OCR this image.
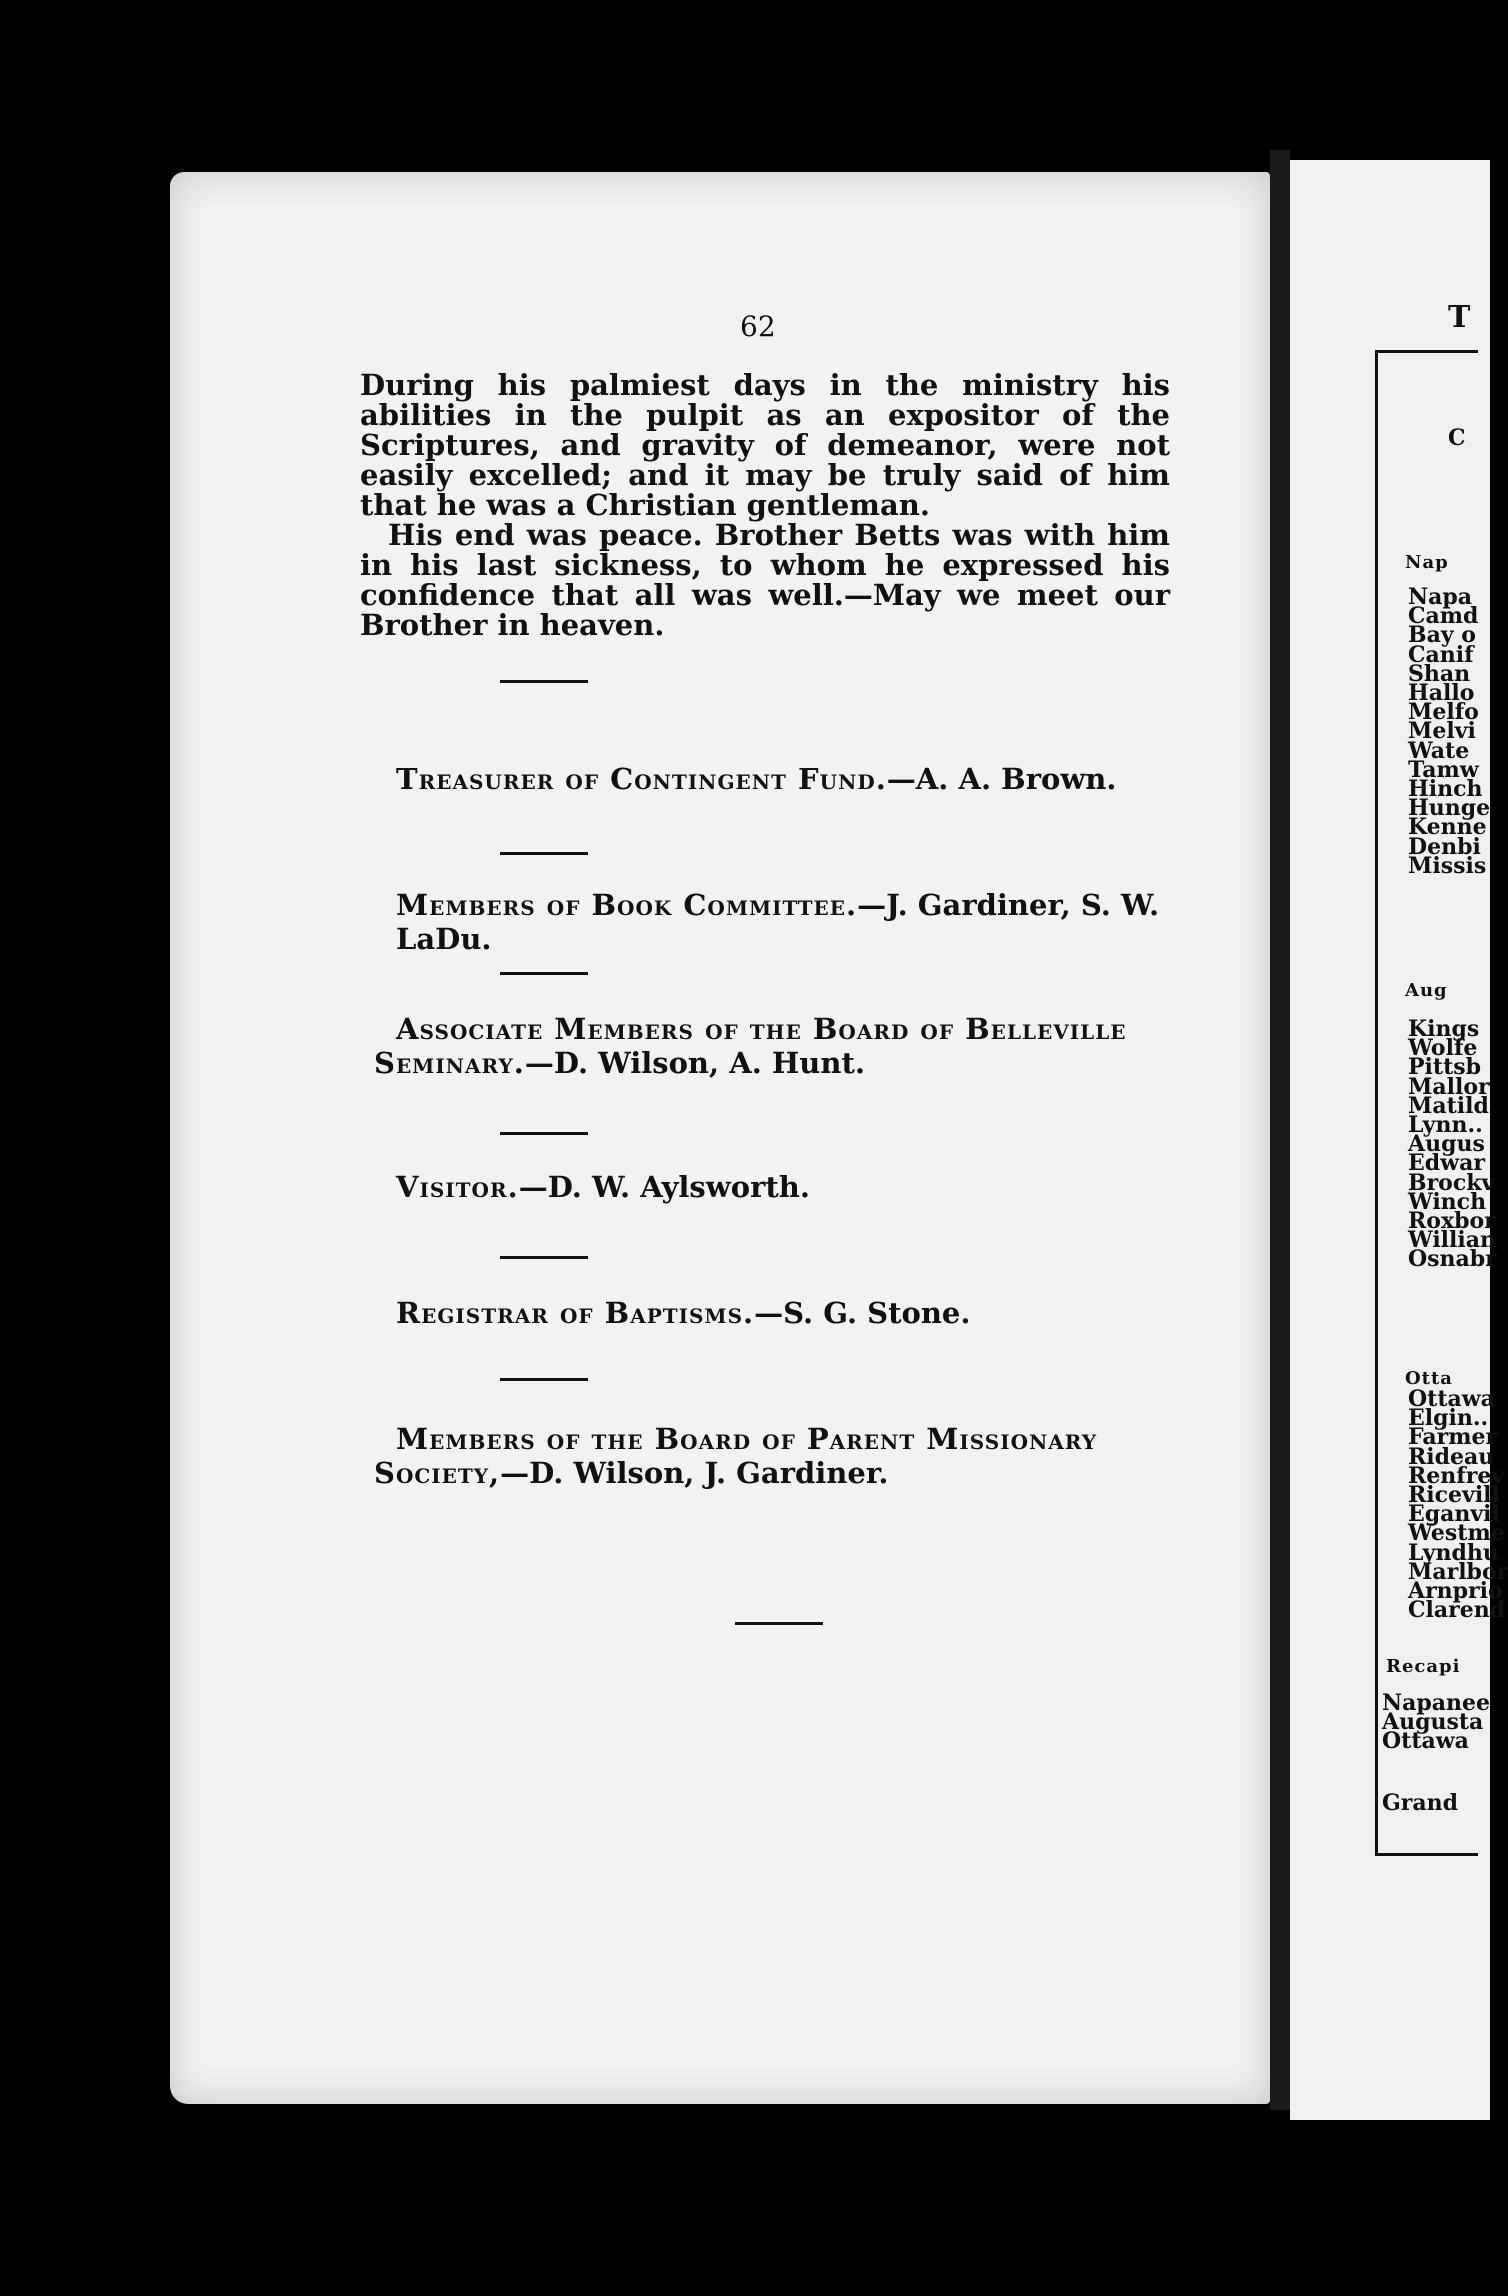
62

During his palmiest days in the ministry his abilities in the pulpit as an expositor of the Scriptures, and gravity of demeanor, were not easily excelled; and it may be truly said of him that he was a Christian gentleman.

His end was peace. Brother Betts was with him in his last sickness, to whom he expressed his confidence that all was well.—May we meet our Brother in heaven.

Treasurer of Contingent Fund.—A. A. Brown.
Members of Book Committee.—J. Gardiner, S. W. LaDu.
Associate Members of the Board of Belleville Seminary.—D. Wilson, A. Hunt.
Visitor.—D. W. Aylsworth.
Registrar of Baptisms.—S. G. Stone.
Members of the Board of Parent Missionary Society,—D. Wilson, J. Gardiner.
T
C
Nap
Aug
Otta
Recapi
Napa
Camd
Bay o
Canif
Shan
Hallo
Melfo
Melvi
Wate
Tamw
Hinch
Hunge
Kenne
Denbi
Missis
Kings
Wolfe
Pittsb
Mallor
Matild
Lynn..
Augus
Edwar
Brockv
Winch
Roxbor
Willian
Osnabr
Ottawa
Elgin..
Farmer
Rideau
Renfrev
Ricevill
Eganvil
Westme
Lyndhu
Marlbor
Arnprio
Clarend
Napanee
Augusta
Ottawa
Grand
